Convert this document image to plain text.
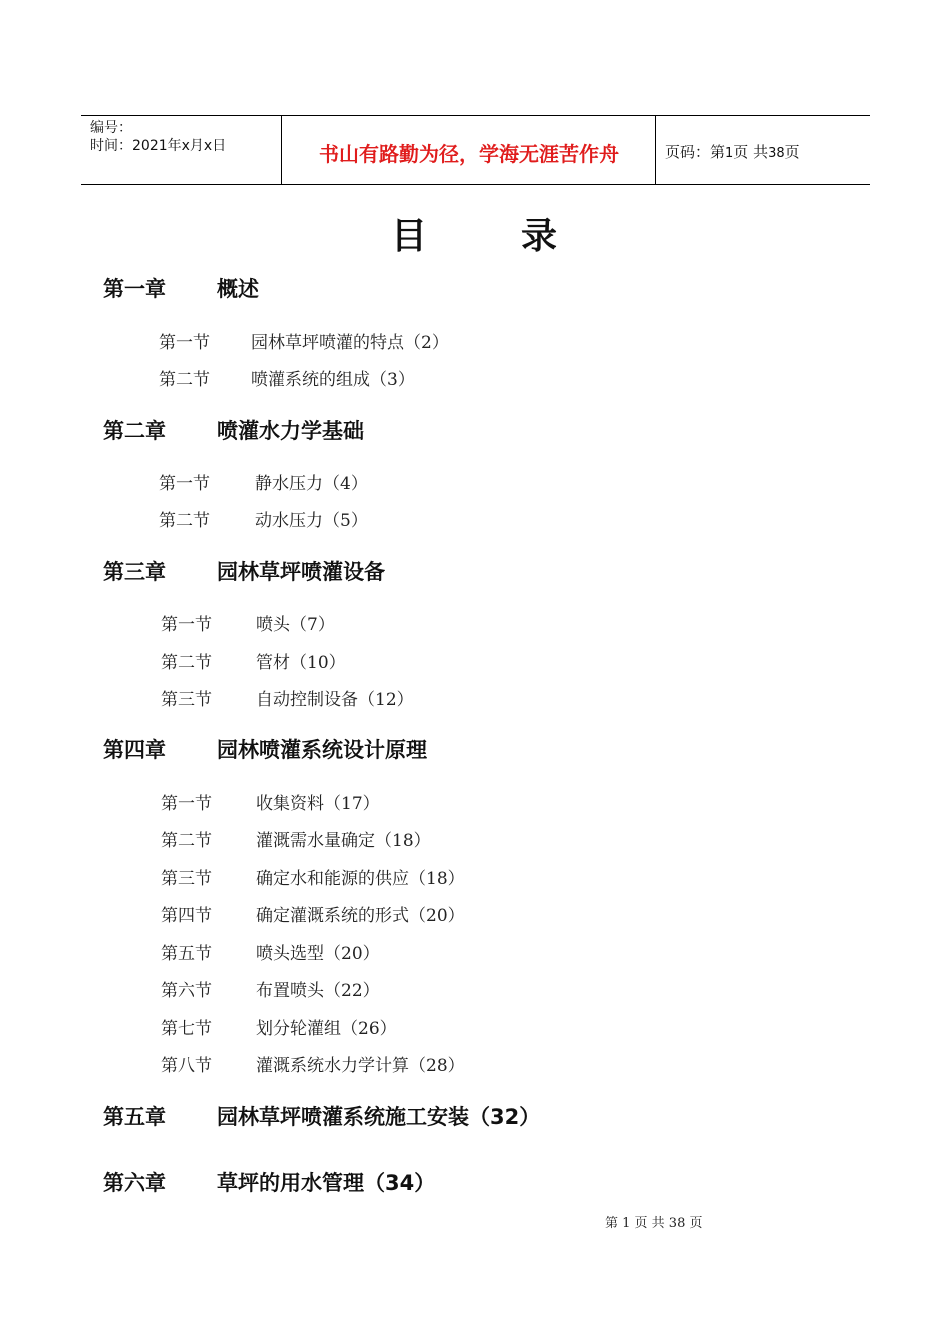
编号：
时间：2021年x月x日	书山有路勤为径，学海无涯苦作舟	页码：第1页 共38页
目	录
第一章 概述
第一节 园林草坪喷灌的特点（2）
第二节 喷灌系统的组成（3）
第二章 喷灌水力学基础
第一节	静水压力（4）
第二节	动水压力（5）
第三章 园林草坪喷灌设备
第一节	喷头（7）
第二节	管材（10）
第三节	自动控制设备（12）
第四章 园林喷灌系统设计原理
第一节	收集资料（17）
第二节	灌溉需水量确定（18）
第三节	确定水和能源的供应（18）
第四节	确定灌溉系统的形式（20）
第五节	喷头选型（20）
第六节	布置喷头（22）
第七节	划分轮灌组（26）
第八节	灌溉系统水力学计算（28）
第五章 园林草坪喷灌系统施工安装（32）
第六章 草坪的用水管理（34）
第 1 页 共 38 页
